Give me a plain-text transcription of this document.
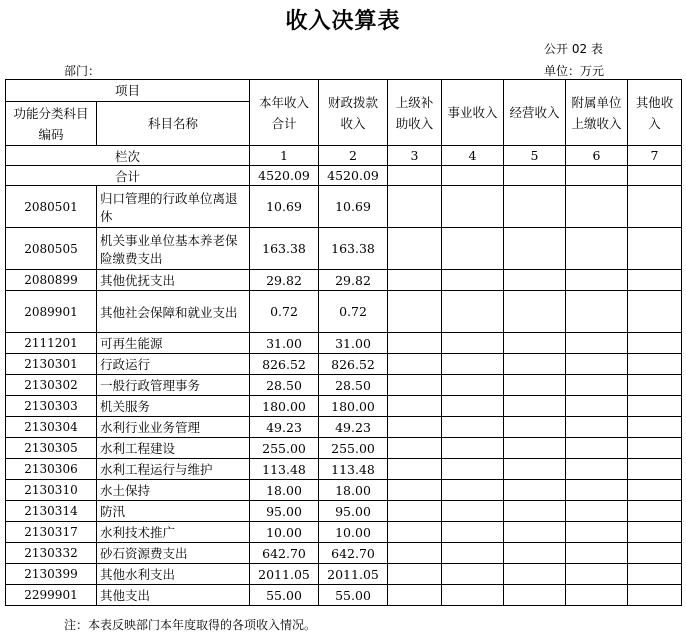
收入决算表
公开 02 表
部门：	单位：万元
项目		本年收入合计	财政拨款收入	上级补助收入	事业收入	经营收入	附属单位上缴收入	其他收入
功能分类科目编码	科目名称							

栏次		1	2	3	4	5	6	7
合计		4520.09	4520.09					
2080501	归口管理的行政单位离退休	10.69	10.69					
2080505	机关事业单位基本养老保险缴费支出	163.38	163.38					
2080899	其他优抚支出	29.82	29.82					
2089901	其他社会保障和就业支出	0.72	0.72					
2111201	可再生能源	31.00	31.00					
2130301	行政运行	826.52	826.52					
2130302	一般行政管理事务	28.50	28.50					
2130303	机关服务	180.00	180.00					
2130304	水利行业业务管理	49.23	49.23					
2130305	水利工程建设	255.00	255.00					
2130306	水利工程运行与维护	113.48	113.48					
2130310	水土保持	18.00	18.00					
2130314	防汛	95.00	95.00					
2130317	水利技术推广	10.00	10.00					
2130332	砂石资源费支出	642.70	642.70					
2130399	其他水利支出	2011.05	2011.05					
2299901	其他支出	55.00	55.00					
注：本表反映部门本年度取得的各项收入情况。
